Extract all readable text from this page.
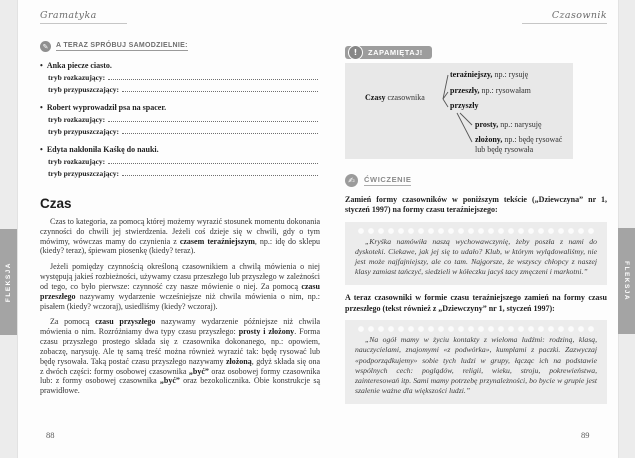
FLEKSJA	FLEKSJA
Gramatyka
✎	A TERAZ SPRÓBUJ SAMODZIELNIE:
• Anka piecze ciasto.
tryb rozkazujący:
tryb przypuszczający:
• Robert wyprowadził psa na spacer.
tryb rozkazujący:
tryb przypuszczający:
• Edyta nakłoniła Kaśkę do nauki.
tryb rozkazujący:
tryb przypuszczający:
Czas

Czas to kategoria, za pomocą której możemy wyrazić stosunek momentu dokonania czynności do chwili jej stwierdzenia. Jeżeli coś dzieje się w chwili, gdy o tym mówimy, wówczas mamy do czynienia z czasem teraźniejszym, np.: idę do sklepu (kiedy? teraz), śpiewam piosenkę (kiedy? teraz).

Jeżeli pomiędzy czynnością określoną czasownikiem a chwilą mówienia o niej występują jakieś rozbieżności, używamy czasu przeszłego lub przyszłego w zależności od tego, co było pierwsze: czynność czy nasze mówienie o niej. Za pomocą czasu przeszłego nazywamy wydarzenie wcześniejsze niż chwila mówienia o nim, np.: pisałem (kiedy? wczoraj), usiedliśmy (kiedy? wczoraj).

Za pomocą czasu przyszłego nazywamy wydarzenie późniejsze niż chwila mówienia o nim. Rozróżniamy dwa typy czasu przyszłego: prosty i złożony. Forma czasu przyszłego prostego składa się z czasownika dokonanego, np.: opowiem, zobaczę, narysuję. Ale tę samą treść można również wyrazić tak: będę rysować lub będę rysowała. Taką postać czasu przyszłego nazywamy złożoną, gdyż składa się ona z dwóch części: formy osobowej czasownika „być” oraz osobowej formy czasownika lub: z formy osobowej czasownika „być” oraz bezokolicznika. Obie konstrukcje są prawidłowe.

Czasownik
!	ZAPAMIĘTAJ!
Czasy czasownika
teraźniejszy, np.: rysuję
przeszły, np.: rysowałam
przyszły
prosty, np.: narysuję
złożony, np.: będę rysować lub będę rysowała
✍	ĆWICZENIE
Zamień formy czasowników w poniższym tekście („Dziewczyna” nr 1, styczeń 1997) na formy czasu teraźniejszego:
„Kryśka namówiła naszą wychowawczynię, żeby poszła z nami do dyskoteki. Ciekawe, jak jej się to udało? Klub, w którym wylądowaliśmy, nie jest może najfajniejszy, ale co tam. Najgorsze, że wszyscy chłopcy z naszej klasy zamiast tańczyć, siedzieli w kółeczku jacyś tacy zmęczeni i markotni.”
A teraz czasowniki w formie czasu teraźniejszego zamień na formy czasu przeszłego (tekst również z „Dziewczyny” nr 1, styczeń 1997):
„Na ogół mamy w życiu kontakty z wieloma ludźmi: rodziną, klasą, nauczycielami, znajomymi «z podwórka», kumplami z paczki. Zazwyczaj «podporządkujemy» sobie tych ludzi w grupy, łącząc ich na podstawie wspólnych cech: poglądów, religii, wieku, stroju, pokrewieństwa, zainteresowań itp. Sami mamy potrzebę przynależności, bo bycie w grupie jest szalenie ważne dla większości ludzi.”
88	89
